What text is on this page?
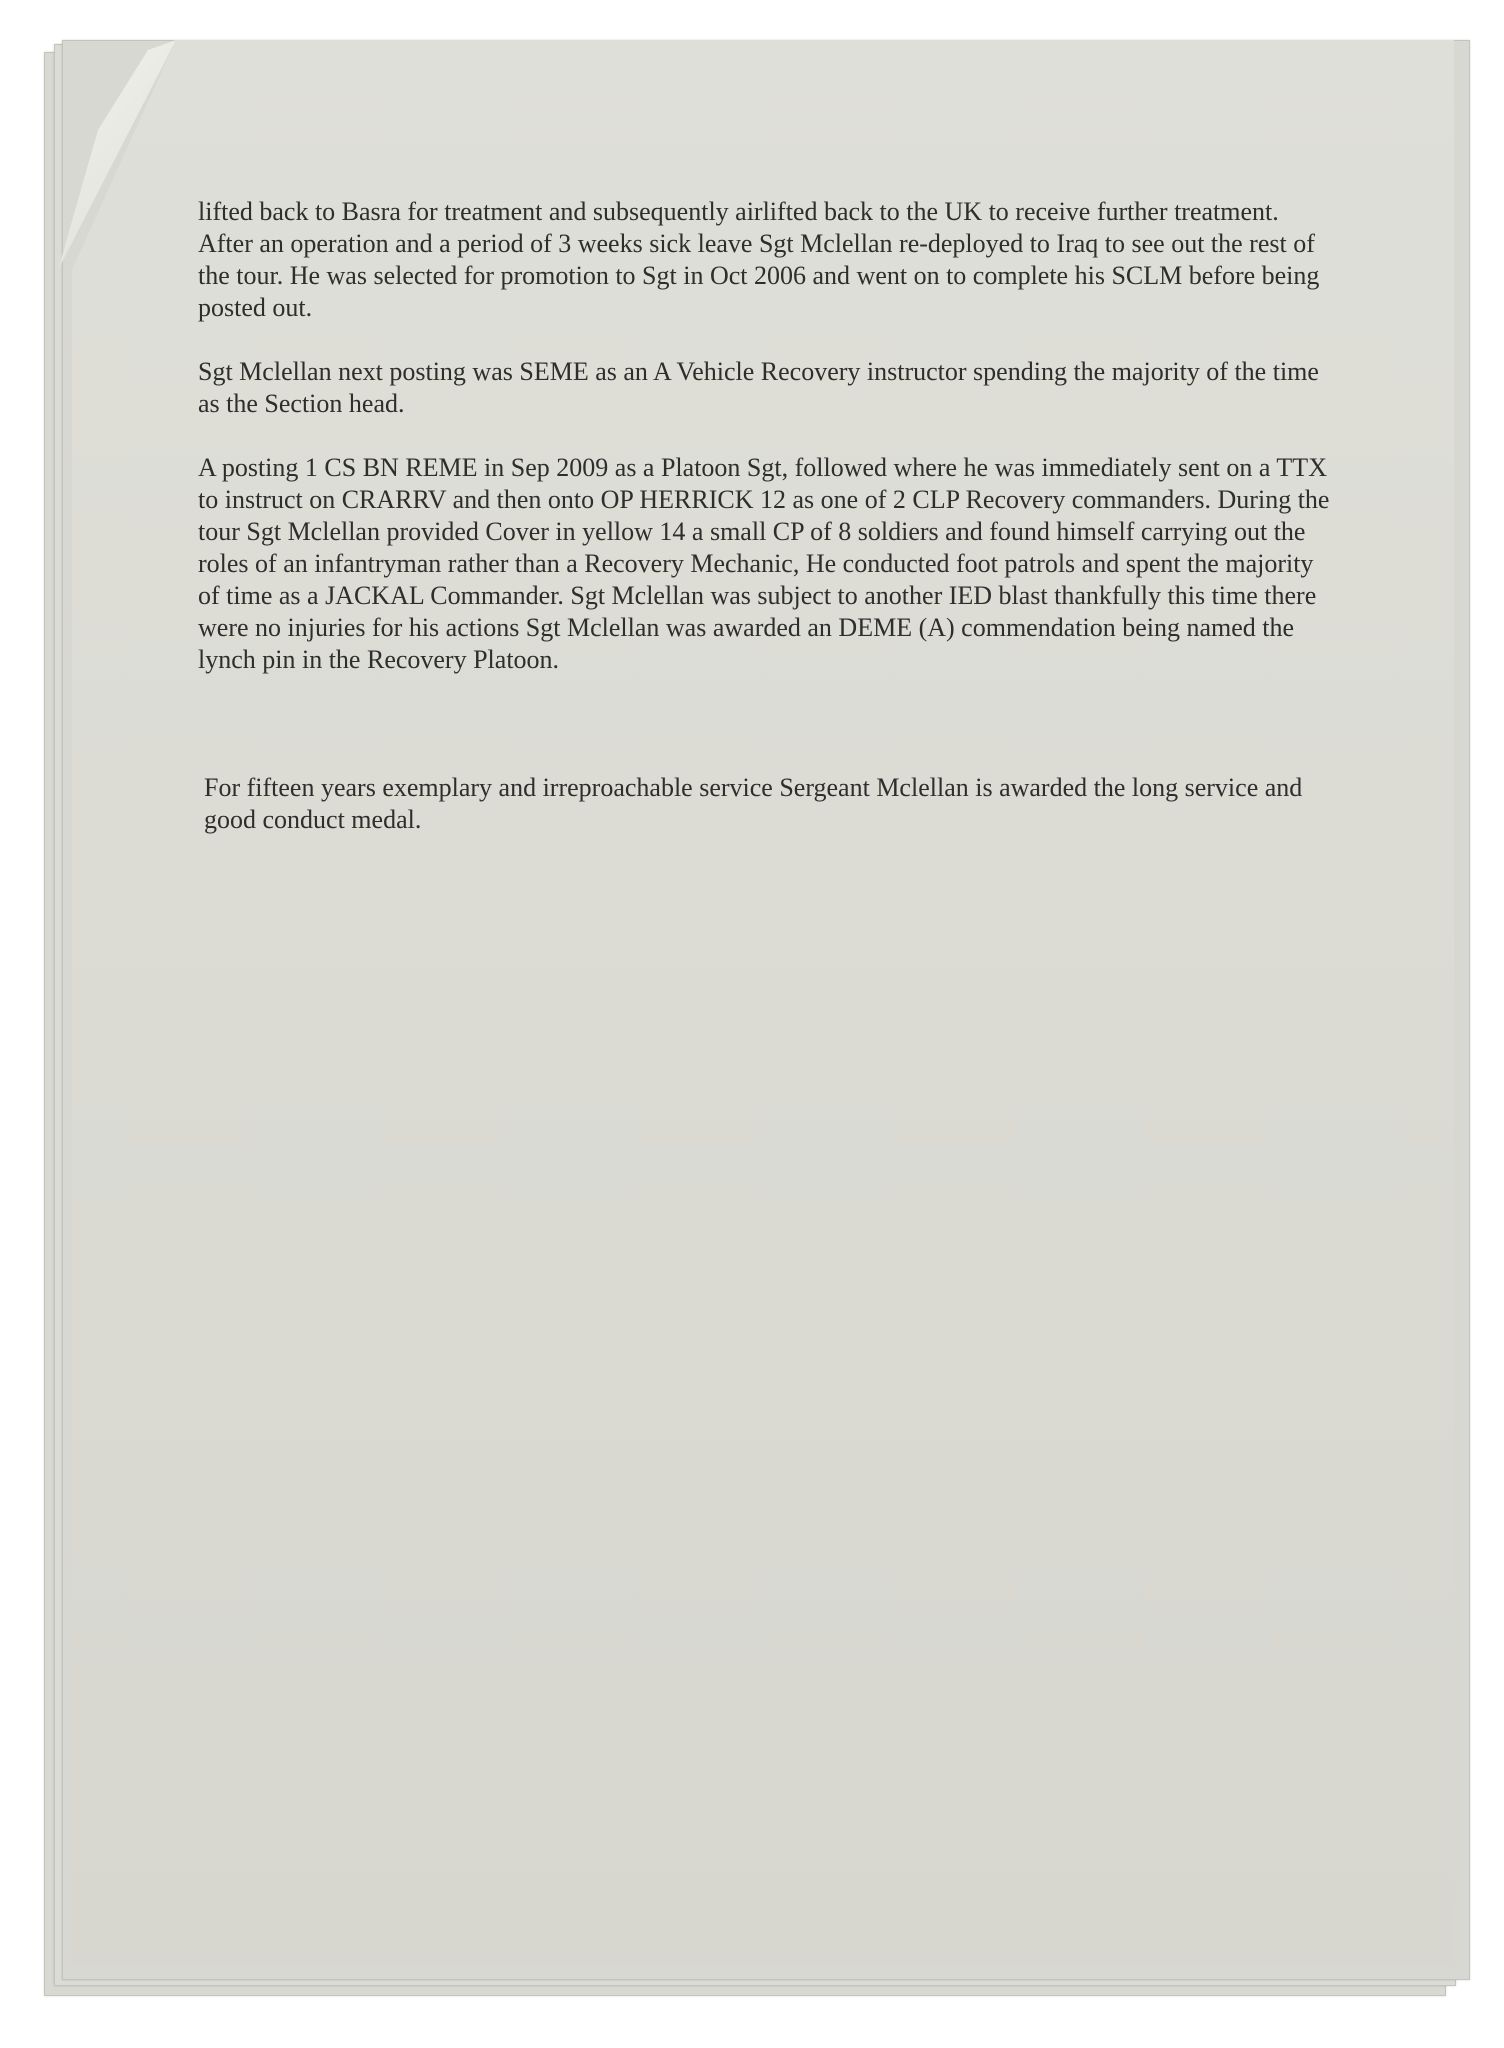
lifted back to Basra for treatment and subsequently airlifted back to the UK to receive further treatment.

After an operation and a period of 3 weeks sick leave Sgt Mclellan re-deployed to Iraq to see out the rest of the tour. He was selected for promotion to Sgt in Oct 2006 and went on to complete his SCLM before being posted out.

Sgt Mclellan next posting was SEME as an A Vehicle Recovery instructor spending the majority of the time as the Section head.

A posting 1 CS BN REME in Sep 2009 as a Platoon Sgt, followed where he was immediately sent on a TTX to instruct on CRARRV and then onto OP HERRICK 12 as one of 2 CLP Recovery commanders. During the tour Sgt Mclellan provided Cover in yellow 14 a small CP of 8 soldiers and found himself carrying out the roles of an infantryman rather than a Recovery Mechanic, He conducted foot patrols and spent the majority of time as a JACKAL Commander. Sgt Mclellan was subject to another IED blast thankfully this time there were no injuries for his actions Sgt Mclellan was awarded an DEME (A) commendation being named the lynch pin in the Recovery Platoon.

For fifteen years exemplary and irreproachable service Sergeant Mclellan is awarded the long service and good conduct medal.
